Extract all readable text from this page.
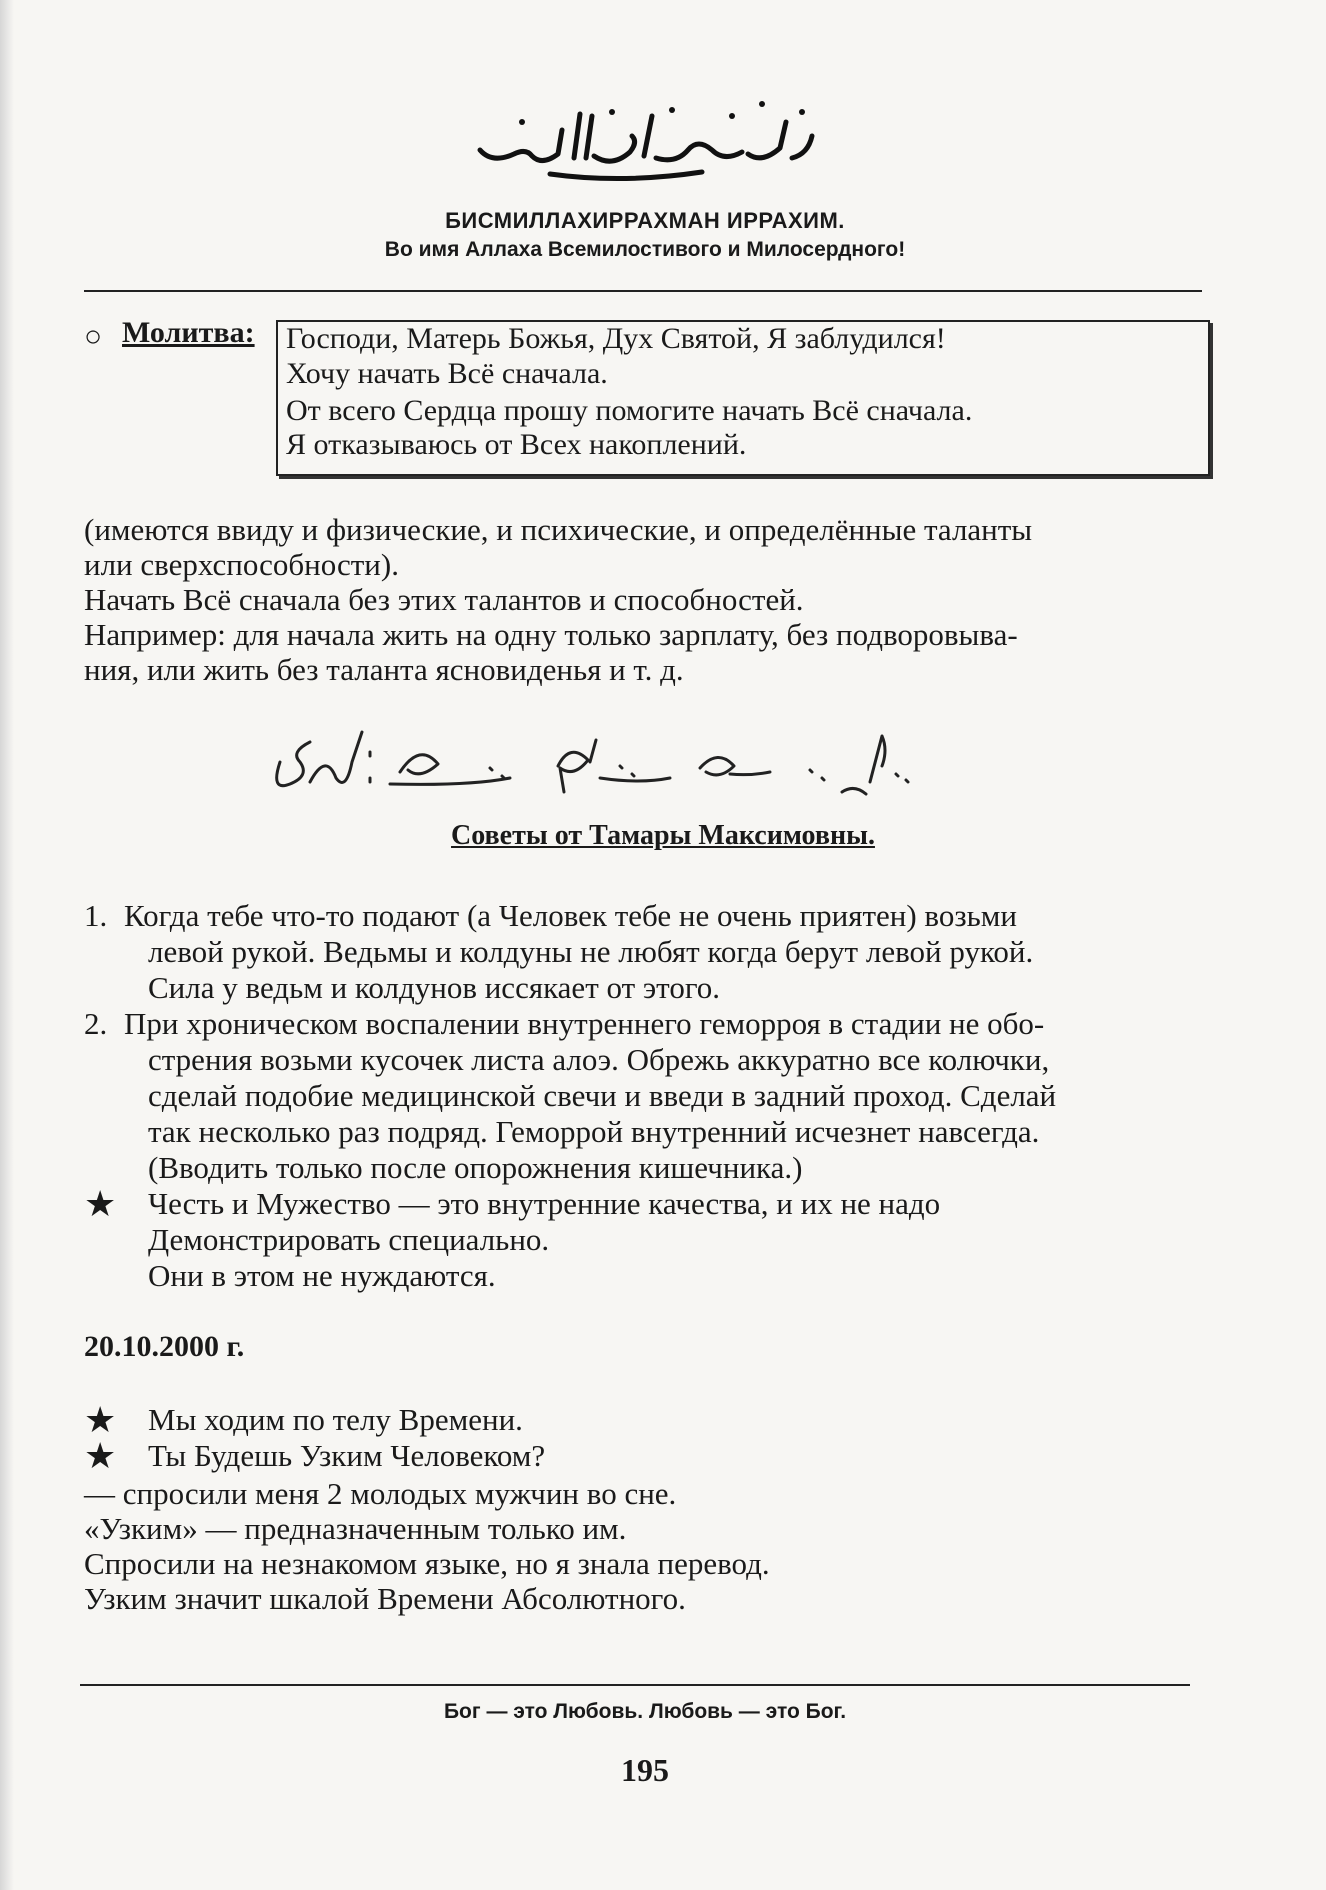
БИСМИЛЛАХИРРАХМАН ИРРАХИМ.
Во имя Аллаха Всемилостивого и Милосердного!
○ Молитва: Господи, Матерь Божья, Дух Святой, Я заблудился!
Хочу начать Всё сначала.
От всего Сердца прошу помогите начать Всё сначала.
Я отказываюсь от Всех накоплений.
(имеются ввиду и физические, и психические, и определённые таланты
или сверхспособности).
Начать Всё сначала без этих талантов и способностей.
Например: для начала жить на одну только зарплату, без подворовыва-
ния, или жить без таланта ясновиденья и т. д.
Советы от Тамары Максимовны.
1. Когда тебе что-то подают (а Человек тебе не очень приятен) возьми
левой рукой. Ведьмы и колдуны не любят когда берут левой рукой.
Сила у ведьм и колдунов иссякает от этого.
2. При хроническом воспалении внутреннего геморроя в стадии не обо-
стрения возьми кусочек листа алоэ. Обрежь аккуратно все колючки,
сделай подобие медицинской свечи и введи в задний проход. Сделай
так несколько раз подряд. Геморрой внутренний исчезнет навсегда.
(Вводить только после опорожнения кишечника.)
★ Честь и Мужество — это внутренние качества, и их не надо
Демонстрировать специально.
Они в этом не нуждаются.
20.10.2000 г.
★ Мы ходим по телу Времени.
★ Ты Будешь Узким Человеком?
— спросили меня 2 молодых мужчин во сне.
«Узким» — предназначенным только им.
Спросили на незнакомом языке, но я знала перевод.
Узким значит шкалой Времени Абсолютного.
Бог — это Любовь. Любовь — это Бог.
195
